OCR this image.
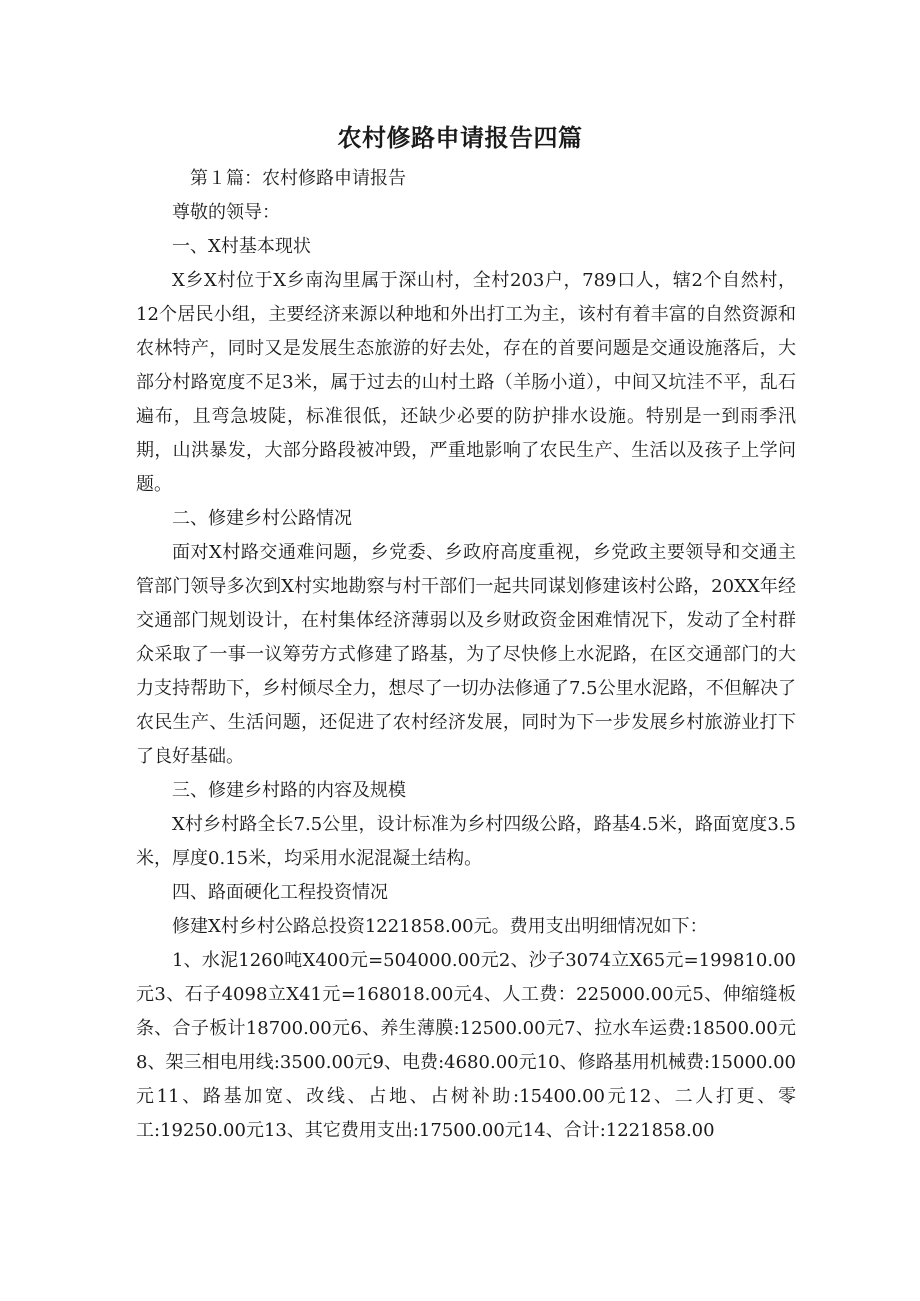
农村修路申请报告四篇

第１篇：农村修路申请报告

尊敬的领导：

一、X村基本现状

X乡X村位于X乡南沟里属于深山村，全村203户，789口人，辖2个自然村，12个居民小组，主要经济来源以种地和外出打工为主，该村有着丰富的自然资源和农林特产，同时又是发展生态旅游的好去处，存在的首要问题是交通设施落后，大部分村路宽度不足3米，属于过去的山村土路（羊肠小道），中间又坑洼不平，乱石遍布，且弯急坡陡，标准很低，还缺少必要的防护排水设施。特别是一到雨季汛期，山洪暴发，大部分路段被冲毁，严重地影响了农民生产、生活以及孩子上学问题。

二、修建乡村公路情况

面对X村路交通难问题，乡党委、乡政府高度重视，乡党政主要领导和交通主管部门领导多次到X村实地勘察与村干部们一起共同谋划修建该村公路，20XX年经交通部门规划设计，在村集体经济薄弱以及乡财政资金困难情况下，发动了全村群众采取了一事一议筹劳方式修建了路基，为了尽快修上水泥路，在区交通部门的大力支持帮助下，乡村倾尽全力，想尽了一切办法修通了7.5公里水泥路，不但解决了农民生产、生活问题，还促进了农村经济发展，同时为下一步发展乡村旅游业打下了良好基础。

三、修建乡村路的内容及规模

X村乡村路全长7.5公里，设计标准为乡村四级公路，路基4.5米，路面宽度3.5米，厚度0.15米，均采用水泥混凝土结构。

四、路面硬化工程投资情况

修建X村乡村公路总投资1221858.00元。费用支出明细情况如下：

1、水泥1260吨X400元=504000.00元2、沙子3074立X65元=199810.00元3、石子4098立X41元=168018.00元4、人工费：225000.00元5、伸缩缝板条、合子板计18700.00元6、养生薄膜:12500.00元7、拉水车运费:18500.00元8、架三相电用线:3500.00元9、电费:4680.00元10、修路基用机械费:15000.00元11、路基加宽、改线、占地、占树补助:15400.00元12、二人打更、零工:19250.00元13、其它费用支出:17500.00元14、合计:1221858.00
